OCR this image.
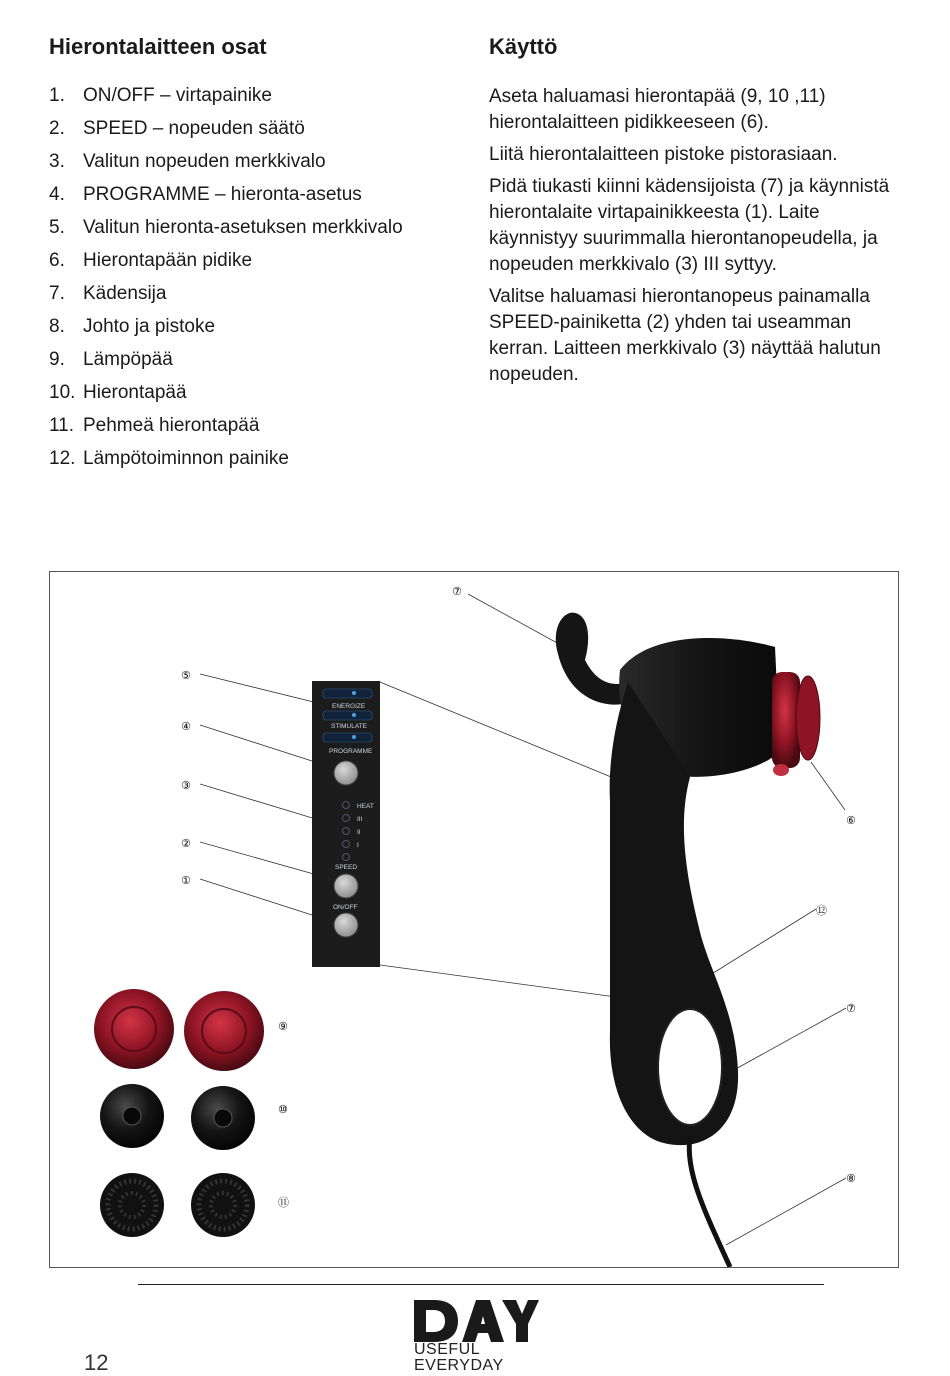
Hierontalaitteen osat
1. ON/OFF – virtapainike
2. SPEED – nopeuden säätö
3. Valitun nopeuden merkkivalo
4. PROGRAMME – hieronta-asetus
5. Valitun hieronta-asetuksen merkkivalo
6. Hierontapään pidike
7. Kädensija
8. Johto ja pistoke
9. Lämpöpää
10. Hierontapää
11. Pehmeä hierontapää
12. Lämpötoiminnon painike
Käyttö

Aseta haluamasi hierontapää (9, 10 ,11) hierontalaitteen pidikkeeseen (6).

Liitä hierontalaitteen pistoke pistorasiaan.

Pidä tiukasti kiinni kädensijoista (7) ja käynnistä hierontalaite virtapainikkeesta (1). Laite käynnistyy suurimmalla hierontanopeudella, ja nopeuden merkkivalo (3) III syttyy.

Valitse haluamasi hierontanopeus painamalla SPEED-painiketta (2) yhden tai useamman kerran. Laitteen merkkivalo (3) näyttää halutun nopeuden.

ENERGIZE
STIMULATE
PROGRAMME
HEAT
III
II
I
SPEED
ON/OFF
⑦
⑤
④
③
②
①
⑥
⑫
⑦
⑧
⑨
⑩
⑪
12
USEFUL
EVERYDAY
